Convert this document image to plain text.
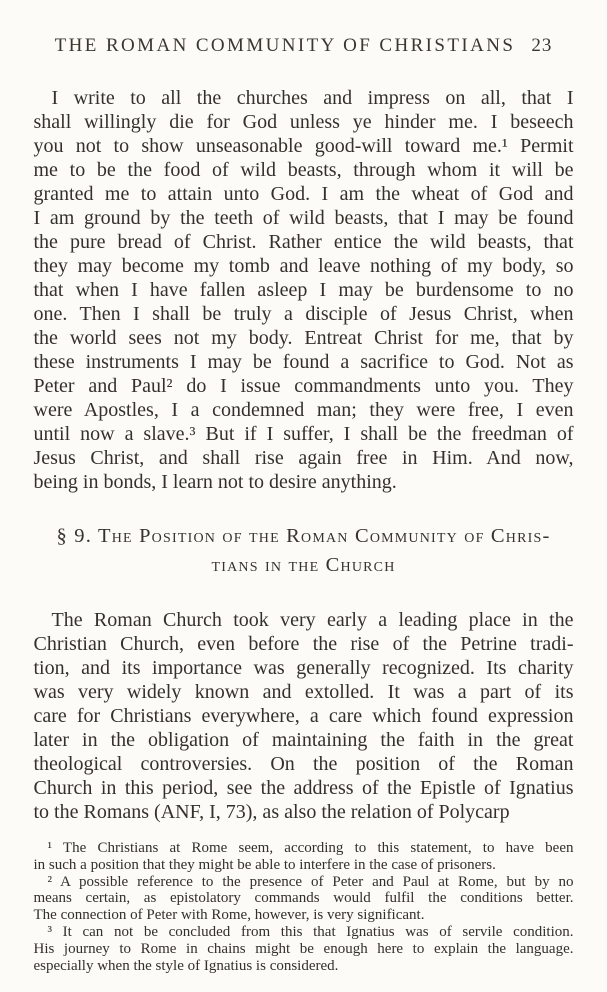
THE ROMAN COMMUNITY OF CHRISTIANS 23
I write to all the churches and impress on all, that I
shall willingly die for God unless ye hinder me. I beseech
you not to show unseasonable good-will toward me.¹ Permit
me to be the food of wild beasts, through whom it will be
granted me to attain unto God. I am the wheat of God and
I am ground by the teeth of wild beasts, that I may be found
the pure bread of Christ. Rather entice the wild beasts, that
they may become my tomb and leave nothing of my body, so
that when I have fallen asleep I may be burdensome to no
one. Then I shall be truly a disciple of Jesus Christ, when
the world sees not my body. Entreat Christ for me, that by
these instruments I may be found a sacrifice to God. Not as
Peter and Paul² do I issue commandments unto you. They
were Apostles, I a condemned man; they were free, I even
until now a slave.³ But if I suffer, I shall be the freedman of
Jesus Christ, and shall rise again free in Him. And now,
being in bonds, I learn not to desire anything.
§ 9. The Position of the Roman Community of Chris-
tians in the Church
The Roman Church took very early a leading place in the
Christian Church, even before the rise of the Petrine tradi-
tion, and its importance was generally recognized. Its charity
was very widely known and extolled. It was a part of its
care for Christians everywhere, a care which found expression
later in the obligation of maintaining the faith in the great
theological controversies. On the position of the Roman
Church in this period, see the address of the Epistle of Ignatius
to the Romans (ANF, I, 73), as also the relation of Polycarp
¹ The Christians at Rome seem, according to this statement, to have been
in such a position that they might be able to interfere in the case of prisoners.
² A possible reference to the presence of Peter and Paul at Rome, but by no
means certain, as epistolatory commands would fulfil the conditions better.
The connection of Peter with Rome, however, is very significant.
³ It can not be concluded from this that Ignatius was of servile condition.
His journey to Rome in chains might be enough here to explain the language.
especially when the style of Ignatius is considered.
